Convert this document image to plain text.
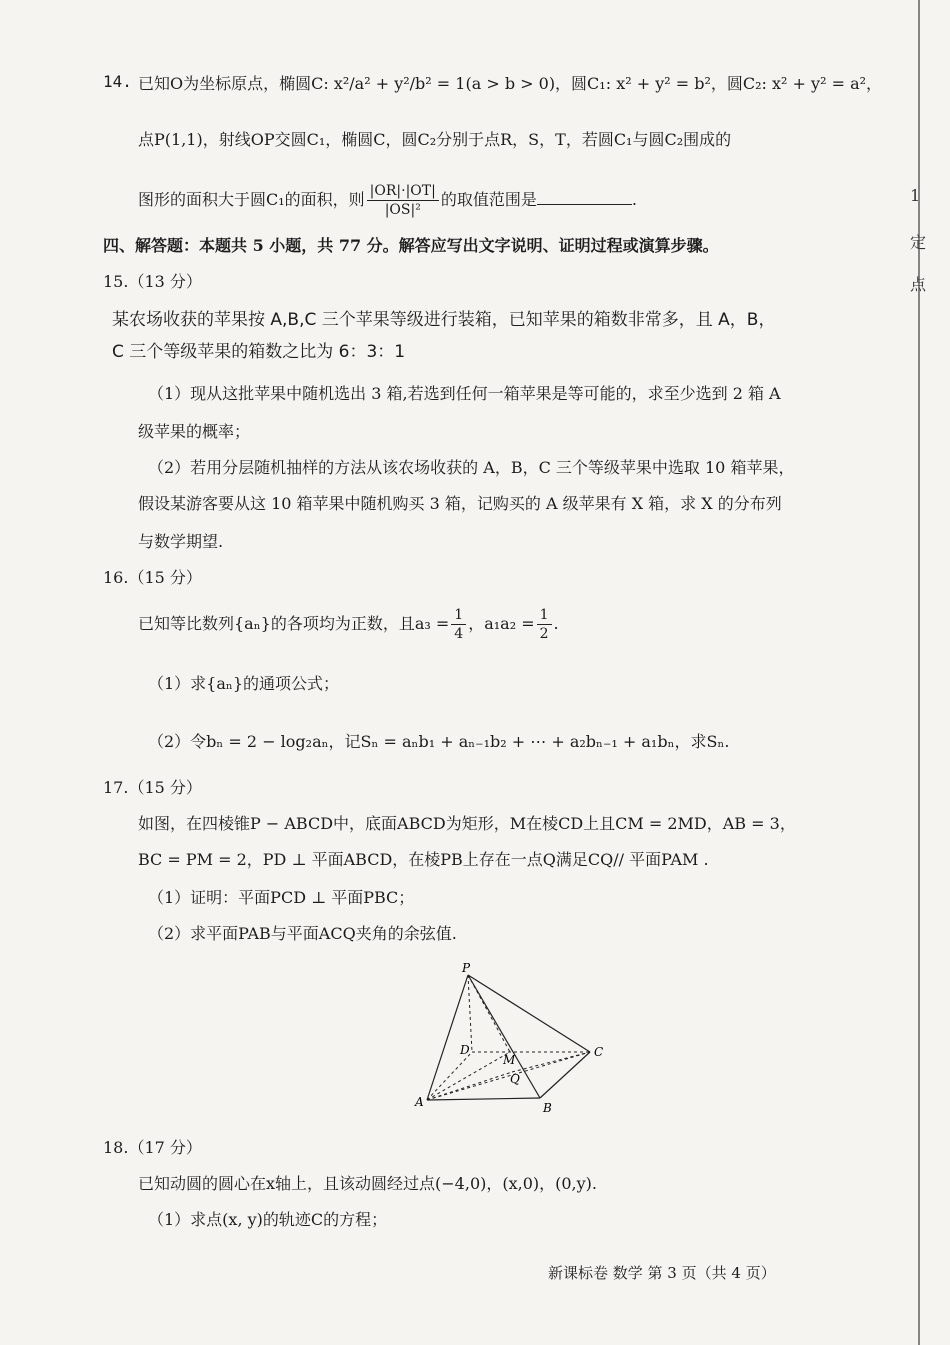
1
定
点
14. 已知O为坐标原点，椭圆C: x²/a² + y²/b² = 1(a > b > 0)，圆C₁: x² + y² = b²，圆C₂: x² + y² = a²，
点P(1,1)，射线OP交圆C₁，椭圆C，圆C₂分别于点R，S，T，若圆C₁与圆C₂围成的
图形的面积大于圆C₁的面积，则 $\frac{|OR|\cdot|OT|}{\text{|OS|²}}$ 的取值范围是	.
四、解答题：本题共 5 小题，共 77 分。解答应写出文字说明、证明过程或演算步骤。
15.（13 分）
某农场收获的苹果按 A,B,C 三个苹果等级进行装箱，已知苹果的箱数非常多，且 A，B，
C 三个等级苹果的箱数之比为 6：3：1
（1）现从这批苹果中随机选出 3 箱,若选到任何一箱苹果是等可能的，求至少选到 2 箱 A
级苹果的概率；
（2）若用分层随机抽样的方法从该农场收获的 A，B，C 三个等级苹果中选取 10 箱苹果，
假设某游客要从这 10 箱苹果中随机购买 3 箱，记购买的 A 级苹果有 X 箱，求 X 的分布列
与数学期望.
16.（15 分）
已知等比数列{aₙ}的各项均为正数，且$a_3 = \frac{1}{4}$ ，$a_1a_2 = \frac{1}{2}$ .
（1）求{aₙ}的通项公式；
（2）令bₙ = 2 − log₂aₙ，记Sₙ = aₙb₁ + aₙ₋₁b₂ + ⋯ + a₂bₙ₋₁ + a₁bₙ，求Sₙ.
17.（15 分）
如图，在四棱锥P − ABCD中，底面ABCD为矩形，M在棱CD上且CM = 2MD，AB = 3，
BC = PM = 2，PD ⊥ 平面ABCD，在棱PB上存在一点Q满足CQ// 平面PAM .
（1）证明：平面PCD ⊥ 平面PBC；
（2）求平面PAB与平面ACQ夹角的余弦值.
P
A	B
C
D
M
Q
18.（17 分）
已知动圆的圆心在x轴上，且该动圆经过点(−4,0)，(x,0)，(0,y).
（1）求点(x, y)的轨迹C的方程；
新课标卷 数学 第 3 页（共 4 页）
